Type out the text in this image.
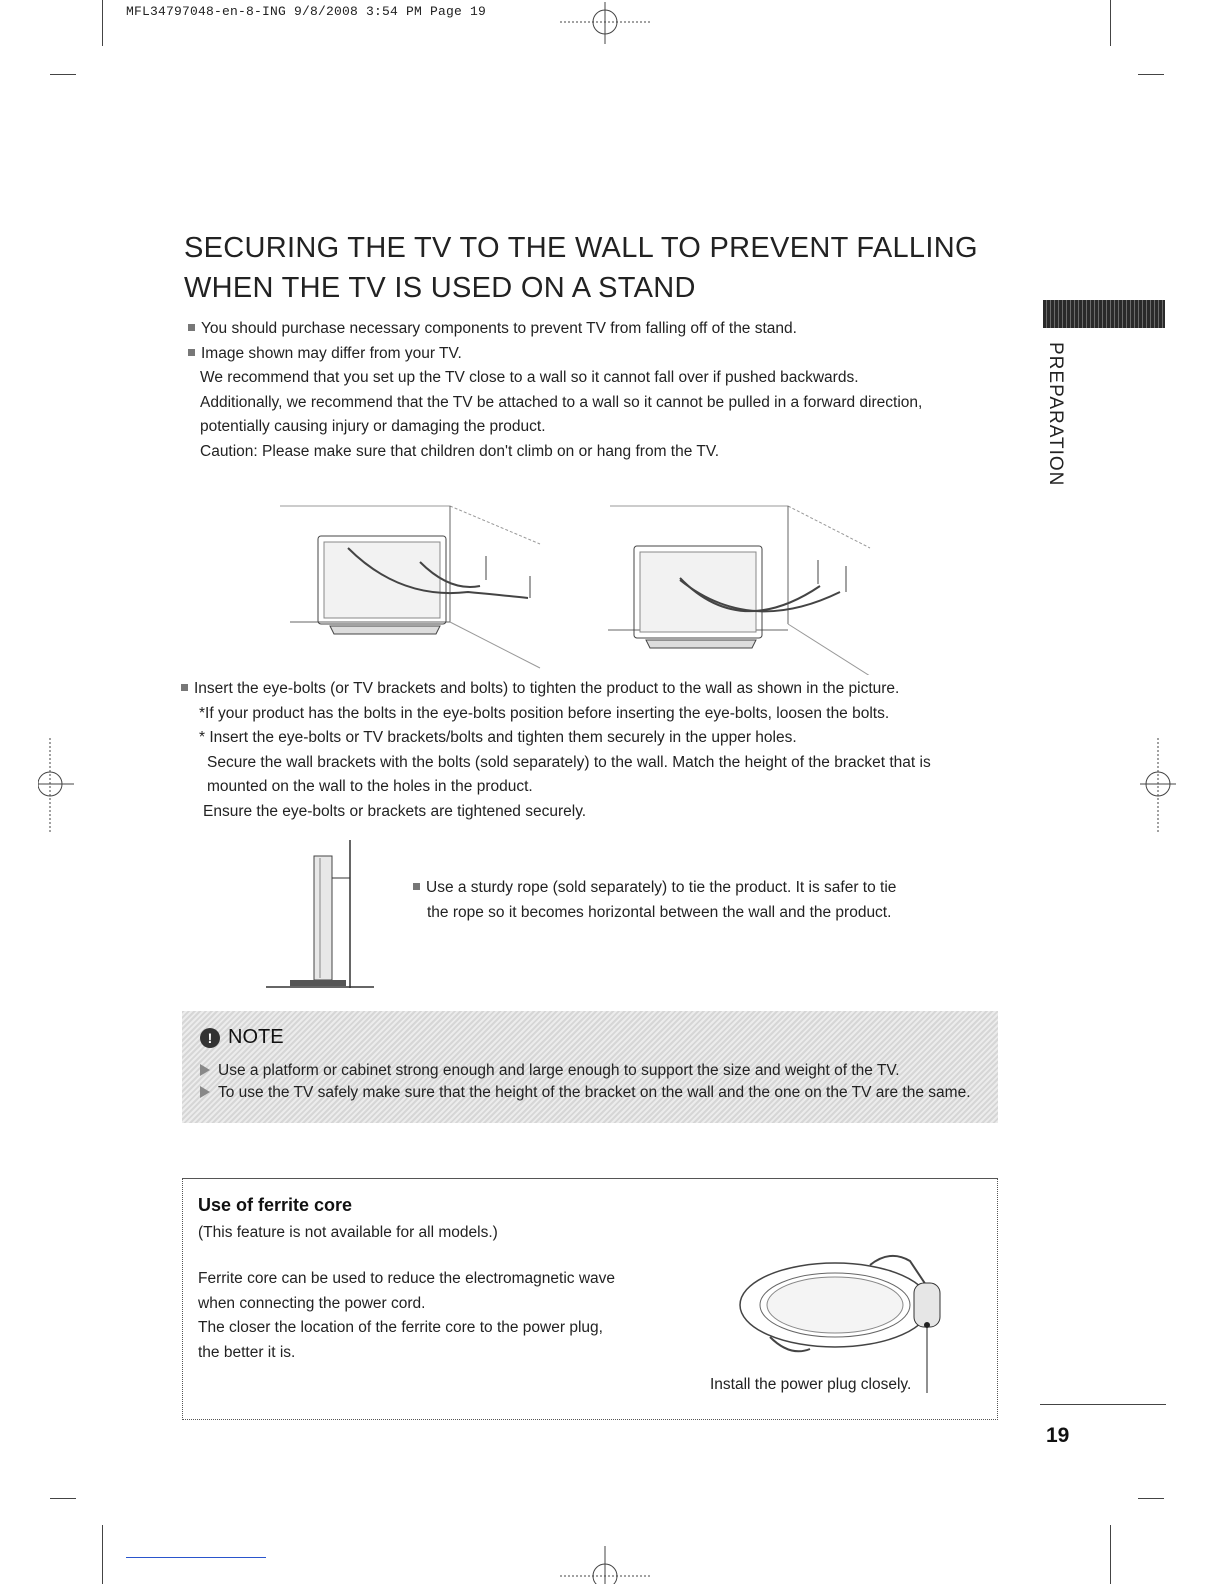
MFL34797048-en-8-ING 9/8/2008 3:54 PM Page 19
SECURING THE TV TO THE WALL TO PREVENT FALLING
WHEN THE TV IS USED ON A STAND
PREPARATION
You should purchase necessary components to prevent TV from falling off of the stand.
Image shown may differ from your TV.
We recommend that you set up the TV close to a wall so it cannot fall over if pushed backwards.
Additionally, we recommend that the TV be attached to a wall so it cannot be pulled in a forward direction,
potentially causing injury or damaging the product.
Caution: Please make sure that children don't climb on or hang from the TV.
Insert the eye-bolts (or TV brackets and bolts) to tighten the product to the wall as shown in the picture.
*If your product has the bolts in the eye-bolts position before inserting the eye-bolts, loosen the bolts.
* Insert the eye-bolts or TV brackets/bolts and tighten them securely in the upper holes.
Secure the wall brackets with the bolts (sold separately) to the wall. Match the height of the bracket that is
mounted on the wall to the holes in the product.
Ensure the eye-bolts or brackets are tightened securely.
Use a sturdy rope (sold separately) to tie the product. It is safer to tie
the rope so it becomes horizontal between the wall and the product.
! NOTE
Use a platform or cabinet strong enough and large enough to support the size and weight of the TV.
To use the TV safely make sure that the height of the bracket on the wall and the one on the TV are the same.
Use of ferrite core
(This feature is not available for all models.)
Ferrite core can be used to reduce the electromagnetic wave
when connecting the power cord.
The closer the location of the ferrite core to the power plug,
the better it is.
Install the power plug closely.
19
